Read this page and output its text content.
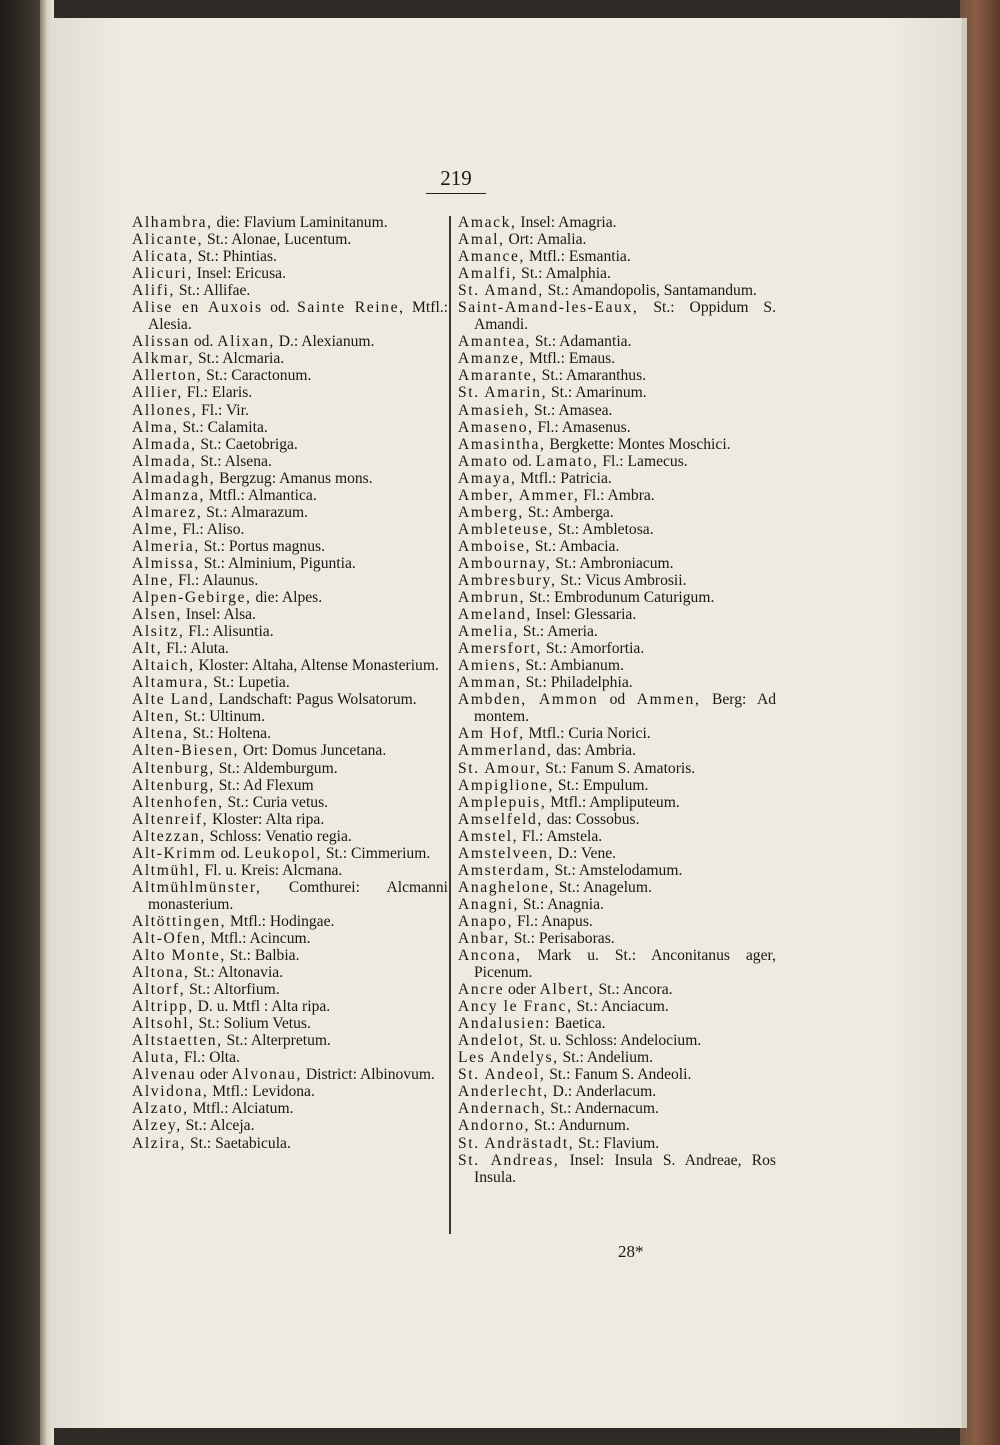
219

Alhambra, die: Flavium Laminitanum.

Alicante, St.: Alonae, Lucentum.

Alicata, St.: Phintias.

Alicuri, Insel: Ericusa.

Alifi, St.: Allifae.

Alise en Auxois od. Sainte Reine, Mtfl.: Alesia.

Alissan od. Alixan, D.: Alexianum.

Alkmar, St.: Alcmaria.

Allerton, St.: Caractonum.

Allier, Fl.: Elaris.

Allones, Fl.: Vir.

Alma, St.: Calamita.

Almada, St.: Caetobriga.

Almada, St.: Alsena.

Almadagh, Bergzug: Amanus mons.

Almanza, Mtfl.: Almantica.

Almarez, St.: Almarazum.

Alme, Fl.: Aliso.

Almeria, St.: Portus magnus.

Almissa, St.: Alminium, Piguntia.

Alne, Fl.: Alaunus.

Alpen-Gebirge, die: Alpes.

Alsen, Insel: Alsa.

Alsitz, Fl.: Alisuntia.

Alt, Fl.: Aluta.

Altaich, Kloster: Altaha, Altense Monasterium.

Altamura, St.: Lupetia.

Alte Land, Landschaft: Pagus Wolsatorum.

Alten, St.: Ultinum.

Altena, St.: Holtena.

Alten-Biesen, Ort: Domus Juncetana.

Altenburg, St.: Aldemburgum.

Altenburg, St.: Ad Flexum

Altenhofen, St.: Curia vetus.

Altenreif, Kloster: Alta ripa.

Altezzan, Schloss: Venatio regia.

Alt-Krimm od. Leukopol, St.: Cimmerium.

Altmühl, Fl. u. Kreis: Alcmana.

Altmühlmünster, Comthurei: Alcmanni monasterium.

Altöttingen, Mtfl.: Hodingae.

Alt-Ofen, Mtfl.: Acincum.

Alto Monte, St.: Balbia.

Altona, St.: Altonavia.

Altorf, St.: Altorfium.

Altripp, D. u. Mtfl : Alta ripa.

Altsohl, St.: Solium Vetus.

Altstaetten, St.: Alterpretum.

Aluta, Fl.: Olta.

Alvenau oder Alvonau, District: Albinovum.

Alvidona, Mtfl.: Levidona.

Alzato, Mtfl.: Alciatum.

Alzey, St.: Alceja.

Alzira, St.: Saetabicula.

Amack, Insel: Amagria.

Amal, Ort: Amalia.

Amance, Mtfl.: Esmantia.

Amalfi, St.: Amalphia.

St. Amand, St.: Amandopolis, Santamandum.

Saint-Amand-les-Eaux, St.: Oppidum S. Amandi.

Amantea, St.: Adamantia.

Amanze, Mtfl.: Emaus.

Amarante, St.: Amaranthus.

St. Amarin, St.: Amarinum.

Amasieh, St.: Amasea.

Amaseno, Fl.: Amasenus.

Amasintha, Bergkette: Montes Moschici.

Amato od. Lamato, Fl.: Lamecus.

Amaya, Mtfl.: Patricia.

Amber, Ammer, Fl.: Ambra.

Amberg, St.: Amberga.

Ambleteuse, St.: Ambletosa.

Amboise, St.: Ambacia.

Ambournay, St.: Ambroniacum.

Ambresbury, St.: Vicus Ambrosii.

Ambrun, St.: Embrodunum Caturigum.

Ameland, Insel: Glessaria.

Amelia, St.: Ameria.

Amersfort, St.: Amorfortia.

Amiens, St.: Ambianum.

Amman, St.: Philadelphia.

Ambden, Ammon od Ammen, Berg: Ad montem.

Am Hof, Mtfl.: Curia Norici.

Ammerland, das: Ambria.

St. Amour, St.: Fanum S. Amatoris.

Ampiglione, St.: Empulum.

Amplepuis, Mtfl.: Ampliputeum.

Amselfeld, das: Cossobus.

Amstel, Fl.: Amstela.

Amstelveen, D.: Vene.

Amsterdam, St.: Amstelodamum.

Anaghelone, St.: Anagelum.

Anagni, St.: Anagnia.

Anapo, Fl.: Anapus.

Anbar, St.: Perisaboras.

Ancona, Mark u. St.: Anconitanus ager, Picenum.

Ancre oder Albert, St.: Ancora.

Ancy le Franc, St.: Anciacum.

Andalusien: Baetica.

Andelot, St. u. Schloss: Andelocium.

Les Andelys, St.: Andelium.

St. Andeol, St.: Fanum S. Andeoli.

Anderlecht, D.: Anderlacum.

Andernach, St.: Andernacum.

Andorno, St.: Andurnum.

St. Andrästadt, St.: Flavium.

St. Andreas, Insel: Insula S. Andreae, Ros Insula.

28*
